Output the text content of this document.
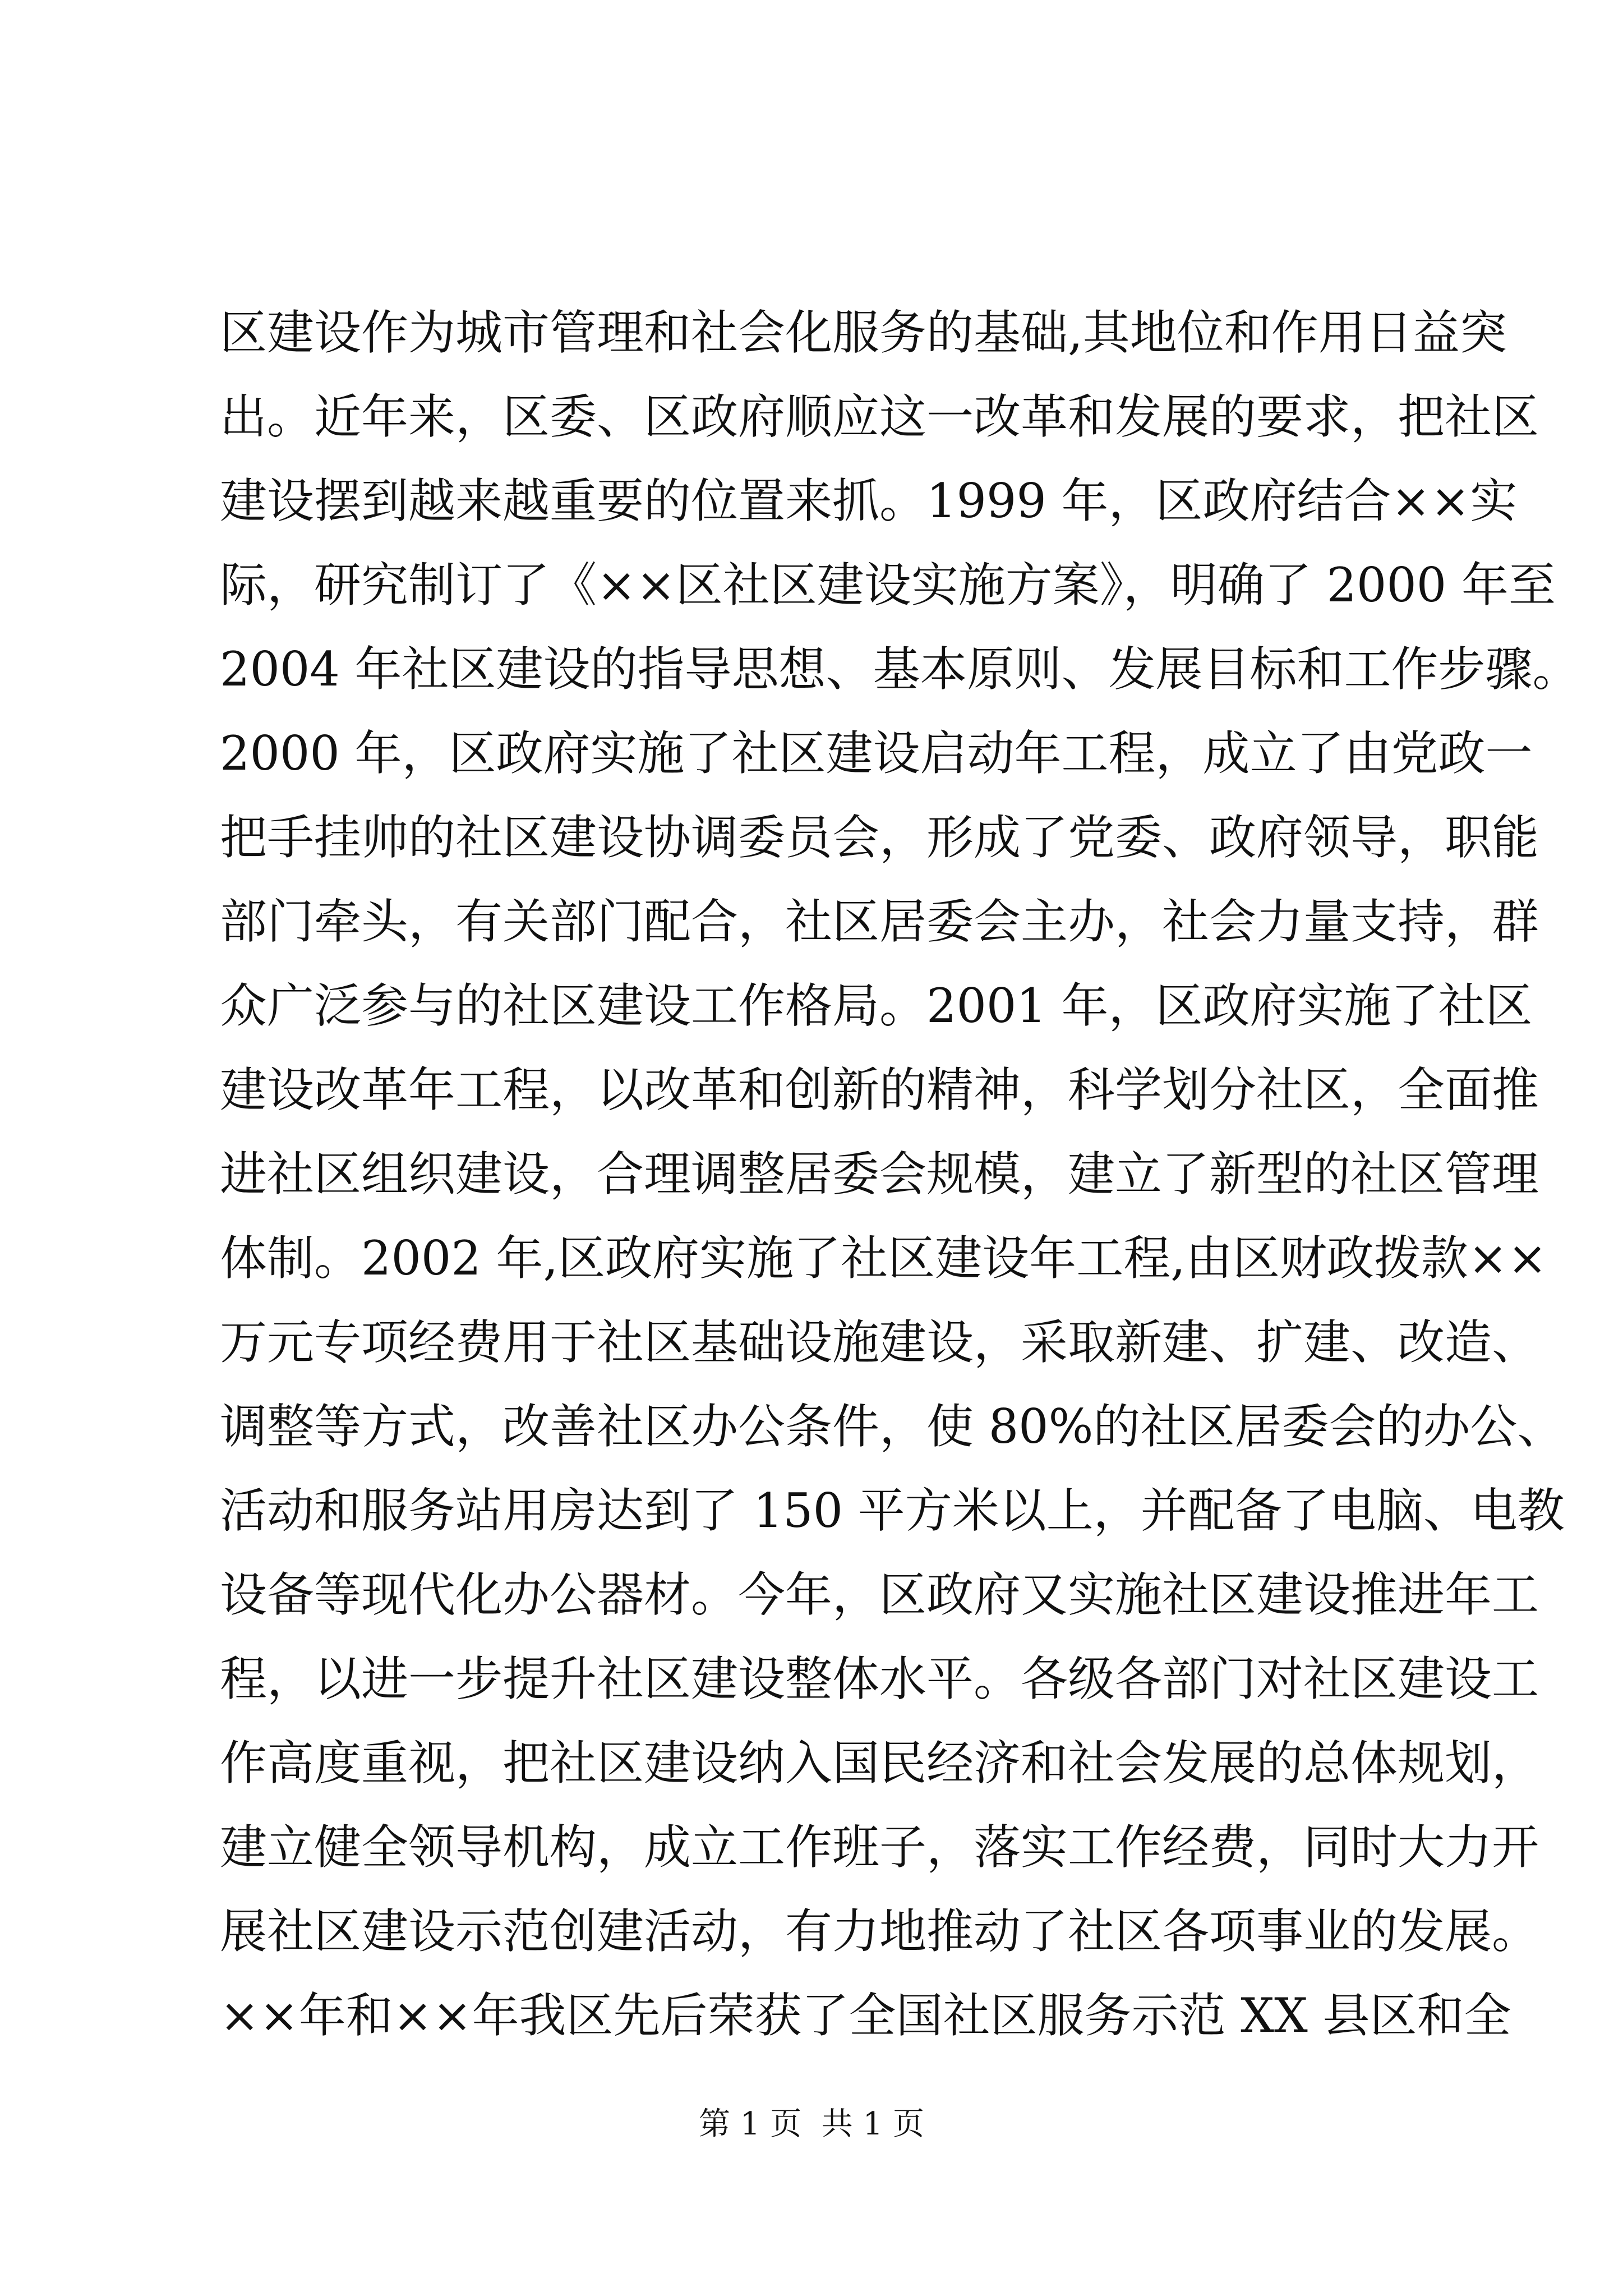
区建设作为城市管理和社会化服务的基础,其地位和作用日益突
出。近年来，区委、区政府顺应这一改革和发展的要求，把社区
建设摆到越来越重要的位置来抓。1999 年，区政府结合××实
际，研究制订了《××区社区建设实施方案》，明确了 2000 年至
2004 年社区建设的指导思想、基本原则、发展目标和工作步骤。
2000 年，区政府实施了社区建设启动年工程，成立了由党政一
把手挂帅的社区建设协调委员会，形成了党委、政府领导，职能
部门牵头，有关部门配合，社区居委会主办，社会力量支持，群
众广泛参与的社区建设工作格局。2001 年，区政府实施了社区
建设改革年工程，以改革和创新的精神，科学划分社区，全面推
进社区组织建设，合理调整居委会规模，建立了新型的社区管理
体制。2002 年,区政府实施了社区建设年工程,由区财政拨款××
万元专项经费用于社区基础设施建设，采取新建、扩建、改造、
调整等方式，改善社区办公条件，使 80%的社区居委会的办公、
活动和服务站用房达到了 150 平方米以上，并配备了电脑、电教
设备等现代化办公器材。今年，区政府又实施社区建设推进年工
程，以进一步提升社区建设整体水平。各级各部门对社区建设工
作高度重视，把社区建设纳入国民经济和社会发展的总体规划，
建立健全领导机构，成立工作班子，落实工作经费，同时大力开
展社区建设示范创建活动，有力地推动了社区各项事业的发展。
××年和××年我区先后荣获了全国社区服务示范 XX 县区和全
第 1 页  共 1 页
